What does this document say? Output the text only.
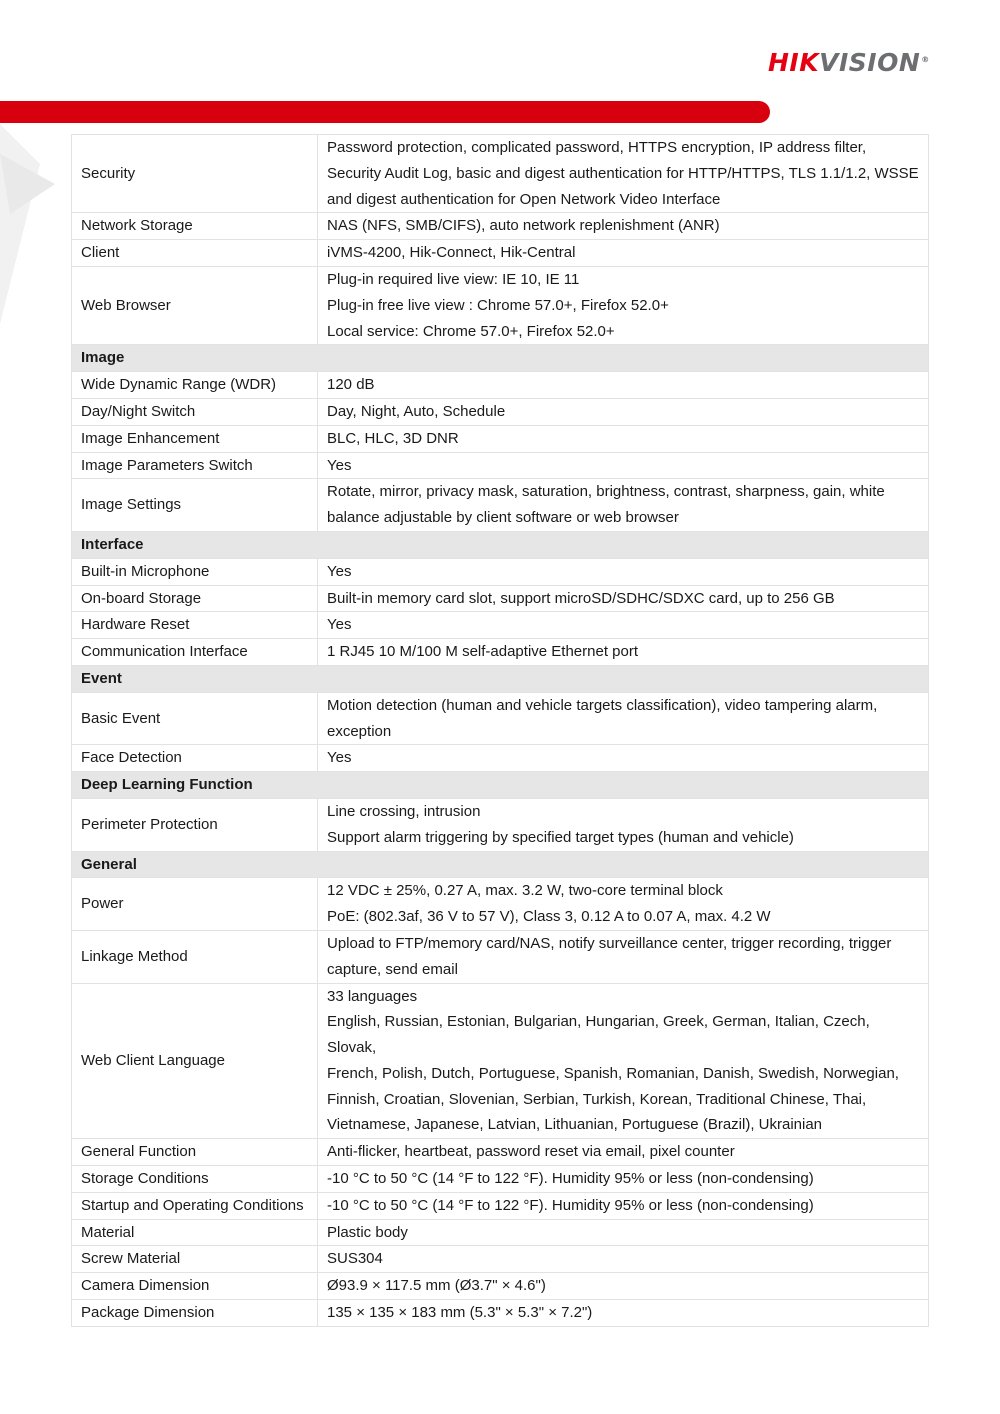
HIKVISION®
Security	Password protection, complicated password, HTTPS encryption, IP address filter,
Security Audit Log, basic and digest authentication for HTTP/HTTPS, TLS 1.1/1.2, WSSE
and digest authentication for Open Network Video Interface

Network Storage	NAS (NFS, SMB/CIFS), auto network replenishment (ANR)

Client	iVMS-4200, Hik-Connect, Hik-Central

Web Browser	Plug-in required live view: IE 10, IE 11
Plug-in free live view : Chrome 57.0+, Firefox 52.0+
Local service: Chrome 57.0+, Firefox 52.0+

Image	
Wide Dynamic Range (WDR)	120 dB

Day/Night Switch	Day, Night, Auto, Schedule

Image Enhancement	BLC, HLC, 3D DNR

Image Parameters Switch	Yes

Image Settings	Rotate, mirror, privacy mask, saturation, brightness, contrast, sharpness, gain, white
balance adjustable by client software or web browser

Interface	
Built-in Microphone	Yes

On-board Storage	Built-in memory card slot, support microSD/SDHC/SDXC card, up to 256 GB

Hardware Reset	Yes

Communication Interface	1 RJ45 10 M/100 M self-adaptive Ethernet port

Event	
Basic Event	Motion detection (human and vehicle targets classification), video tampering alarm,
exception

Face Detection	Yes

Deep Learning Function	
Perimeter Protection	Line crossing, intrusion
Support alarm triggering by specified target types (human and vehicle)

General	
Power	12 VDC ± 25%, 0.27 A, max. 3.2 W, two-core terminal block
PoE: (802.3af, 36 V to 57 V), Class 3, 0.12 A to 0.07 A, max. 4.2 W

Linkage Method	Upload to FTP/memory card/NAS, notify surveillance center, trigger recording, trigger
capture, send email

Web Client Language	33 languages
English, Russian, Estonian, Bulgarian, Hungarian, Greek, German, Italian, Czech, Slovak,
French, Polish, Dutch, Portuguese, Spanish, Romanian, Danish, Swedish, Norwegian,
Finnish, Croatian, Slovenian, Serbian, Turkish, Korean, Traditional Chinese, Thai,
Vietnamese, Japanese, Latvian, Lithuanian, Portuguese (Brazil), Ukrainian

General Function	Anti-flicker, heartbeat, password reset via email, pixel counter

Storage Conditions	-10 °C to 50 °C (14 °F to 122 °F). Humidity 95% or less (non-condensing)

Startup and Operating Conditions	-10 °C to 50 °C (14 °F to 122 °F). Humidity 95% or less (non-condensing)

Material	Plastic body

Screw Material	SUS304

Camera Dimension	Ø93.9 × 117.5 mm (Ø3.7" × 4.6")

Package Dimension	135 × 135 × 183 mm (5.3" × 5.3" × 7.2")
